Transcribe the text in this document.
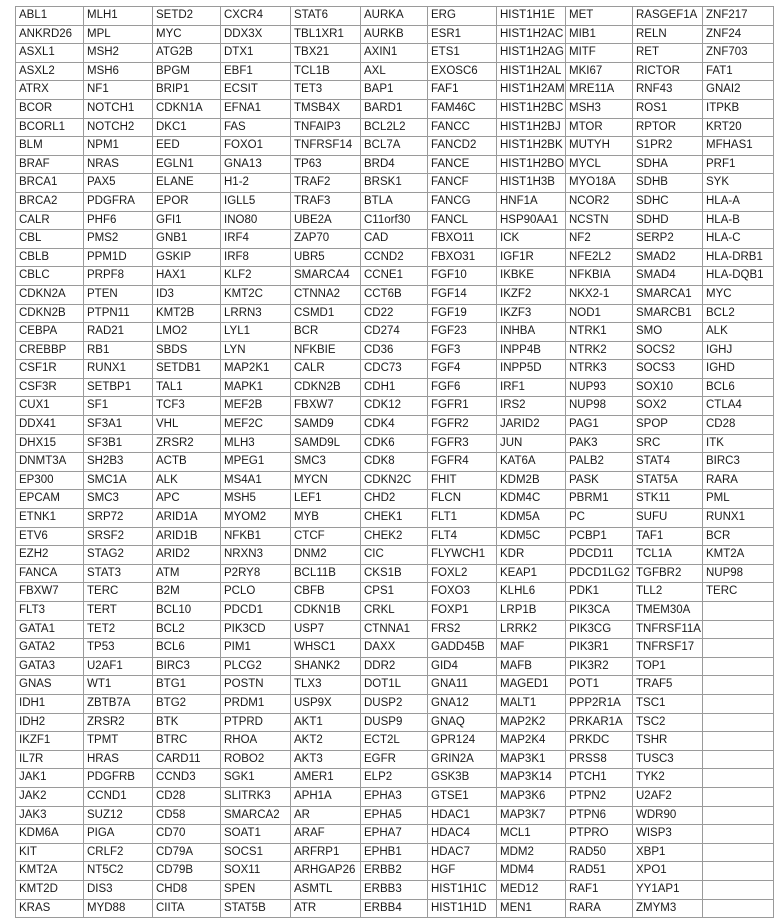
ABL1	MLH1	SETD2	CXCR4	STAT6	AURKA	ERG	HIST1H1E	MET	RASGEF1A	ZNF217
ANKRD26	MPL	MYC	DDX3X	TBL1XR1	AURKB	ESR1	HIST1H2AC	MIB1	RELN	ZNF24
ASXL1	MSH2	ATG2B	DTX1	TBX21	AXIN1	ETS1	HIST1H2AG	MITF	RET	ZNF703
ASXL2	MSH6	BPGM	EBF1	TCL1B	AXL	EXOSC6	HIST1H2AL	MKI67	RICTOR	FAT1
ATRX	NF1	BRIP1	ECSIT	TET3	BAP1	FAF1	HIST1H2AM	MRE11A	RNF43	GNAI2
BCOR	NOTCH1	CDKN1A	EFNA1	TMSB4X	BARD1	FAM46C	HIST1H2BC	MSH3	ROS1	ITPKB
BCORL1	NOTCH2	DKC1	FAS	TNFAIP3	BCL2L2	FANCC	HIST1H2BJ	MTOR	RPTOR	KRT20
BLM	NPM1	EED	FOXO1	TNFRSF14	BCL7A	FANCD2	HIST1H2BK	MUTYH	S1PR2	MFHAS1
BRAF	NRAS	EGLN1	GNA13	TP63	BRD4	FANCE	HIST1H2BO	MYCL	SDHA	PRF1
BRCA1	PAX5	ELANE	H1-2	TRAF2	BRSK1	FANCF	HIST1H3B	MYO18A	SDHB	SYK
BRCA2	PDGFRA	EPOR	IGLL5	TRAF3	BTLA	FANCG	HNF1A	NCOR2	SDHC	HLA-A
CALR	PHF6	GFI1	INO80	UBE2A	C11orf30	FANCL	HSP90AA1	NCSTN	SDHD	HLA-B
CBL	PMS2	GNB1	IRF4	ZAP70	CAD	FBXO11	ICK	NF2	SERP2	HLA-C
CBLB	PPM1D	GSKIP	IRF8	UBR5	CCND2	FBXO31	IGF1R	NFE2L2	SMAD2	HLA-DRB1
CBLC	PRPF8	HAX1	KLF2	SMARCA4	CCNE1	FGF10	IKBKE	NFKBIA	SMAD4	HLA-DQB1
CDKN2A	PTEN	ID3	KMT2C	CTNNA2	CCT6B	FGF14	IKZF2	NKX2-1	SMARCA1	MYC
CDKN2B	PTPN11	KMT2B	LRRN3	CSMD1	CD22	FGF19	IKZF3	NOD1	SMARCB1	BCL2
CEBPA	RAD21	LMO2	LYL1	BCR	CD274	FGF23	INHBA	NTRK1	SMO	ALK
CREBBP	RB1	SBDS	LYN	NFKBIE	CD36	FGF3	INPP4B	NTRK2	SOCS2	IGHJ
CSF1R	RUNX1	SETDB1	MAP2K1	CALR	CDC73	FGF4	INPP5D	NTRK3	SOCS3	IGHD
CSF3R	SETBP1	TAL1	MAPK1	CDKN2B	CDH1	FGF6	IRF1	NUP93	SOX10	BCL6
CUX1	SF1	TCF3	MEF2B	FBXW7	CDK12	FGFR1	IRS2	NUP98	SOX2	CTLA4
DDX41	SF3A1	VHL	MEF2C	SAMD9	CDK4	FGFR2	JARID2	PAG1	SPOP	CD28
DHX15	SF3B1	ZRSR2	MLH3	SAMD9L	CDK6	FGFR3	JUN	PAK3	SRC	ITK
DNMT3A	SH2B3	ACTB	MPEG1	SMC3	CDK8	FGFR4	KAT6A	PALB2	STAT4	BIRC3
EP300	SMC1A	ALK	MS4A1	MYCN	CDKN2C	FHIT	KDM2B	PASK	STAT5A	RARA
EPCAM	SMC3	APC	MSH5	LEF1	CHD2	FLCN	KDM4C	PBRM1	STK11	PML
ETNK1	SRP72	ARID1A	MYOM2	MYB	CHEK1	FLT1	KDM5A	PC	SUFU	RUNX1
ETV6	SRSF2	ARID1B	NFKB1	CTCF	CHEK2	FLT4	KDM5C	PCBP1	TAF1	BCR
EZH2	STAG2	ARID2	NRXN3	DNM2	CIC	FLYWCH1	KDR	PDCD11	TCL1A	KMT2A
FANCA	STAT3	ATM	P2RY8	BCL11B	CKS1B	FOXL2	KEAP1	PDCD1LG2	TGFBR2	NUP98
FBXW7	TERC	B2M	PCLO	CBFB	CPS1	FOXO3	KLHL6	PDK1	TLL2	TERC
FLT3	TERT	BCL10	PDCD1	CDKN1B	CRKL	FOXP1	LRP1B	PIK3CA	TMEM30A	
GATA1	TET2	BCL2	PIK3CD	USP7	CTNNA1	FRS2	LRRK2	PIK3CG	TNFRSF11A	
GATA2	TP53	BCL6	PIM1	WHSC1	DAXX	GADD45B	MAF	PIK3R1	TNFRSF17	
GATA3	U2AF1	BIRC3	PLCG2	SHANK2	DDR2	GID4	MAFB	PIK3R2	TOP1	
GNAS	WT1	BTG1	POSTN	TLX3	DOT1L	GNA11	MAGED1	POT1	TRAF5	
IDH1	ZBTB7A	BTG2	PRDM1	USP9X	DUSP2	GNA12	MALT1	PPP2R1A	TSC1	
IDH2	ZRSR2	BTK	PTPRD	AKT1	DUSP9	GNAQ	MAP2K2	PRKAR1A	TSC2	
IKZF1	TPMT	BTRC	RHOA	AKT2	ECT2L	GPR124	MAP2K4	PRKDC	TSHR	
IL7R	HRAS	CARD11	ROBO2	AKT3	EGFR	GRIN2A	MAP3K1	PRSS8	TUSC3	
JAK1	PDGFRB	CCND3	SGK1	AMER1	ELP2	GSK3B	MAP3K14	PTCH1	TYK2	
JAK2	CCND1	CD28	SLITRK3	APH1A	EPHA3	GTSE1	MAP3K6	PTPN2	U2AF2	
JAK3	SUZ12	CD58	SMARCA2	AR	EPHA5	HDAC1	MAP3K7	PTPN6	WDR90	
KDM6A	PIGA	CD70	SOAT1	ARAF	EPHA7	HDAC4	MCL1	PTPRO	WISP3	
KIT	CRLF2	CD79A	SOCS1	ARFRP1	EPHB1	HDAC7	MDM2	RAD50	XBP1	
KMT2A	NT5C2	CD79B	SOX11	ARHGAP26	ERBB2	HGF	MDM4	RAD51	XPO1	
KMT2D	DIS3	CHD8	SPEN	ASMTL	ERBB3	HIST1H1C	MED12	RAF1	YY1AP1	
KRAS	MYD88	CIITA	STAT5B	ATR	ERBB4	HIST1H1D	MEN1	RARA	ZMYM3	
